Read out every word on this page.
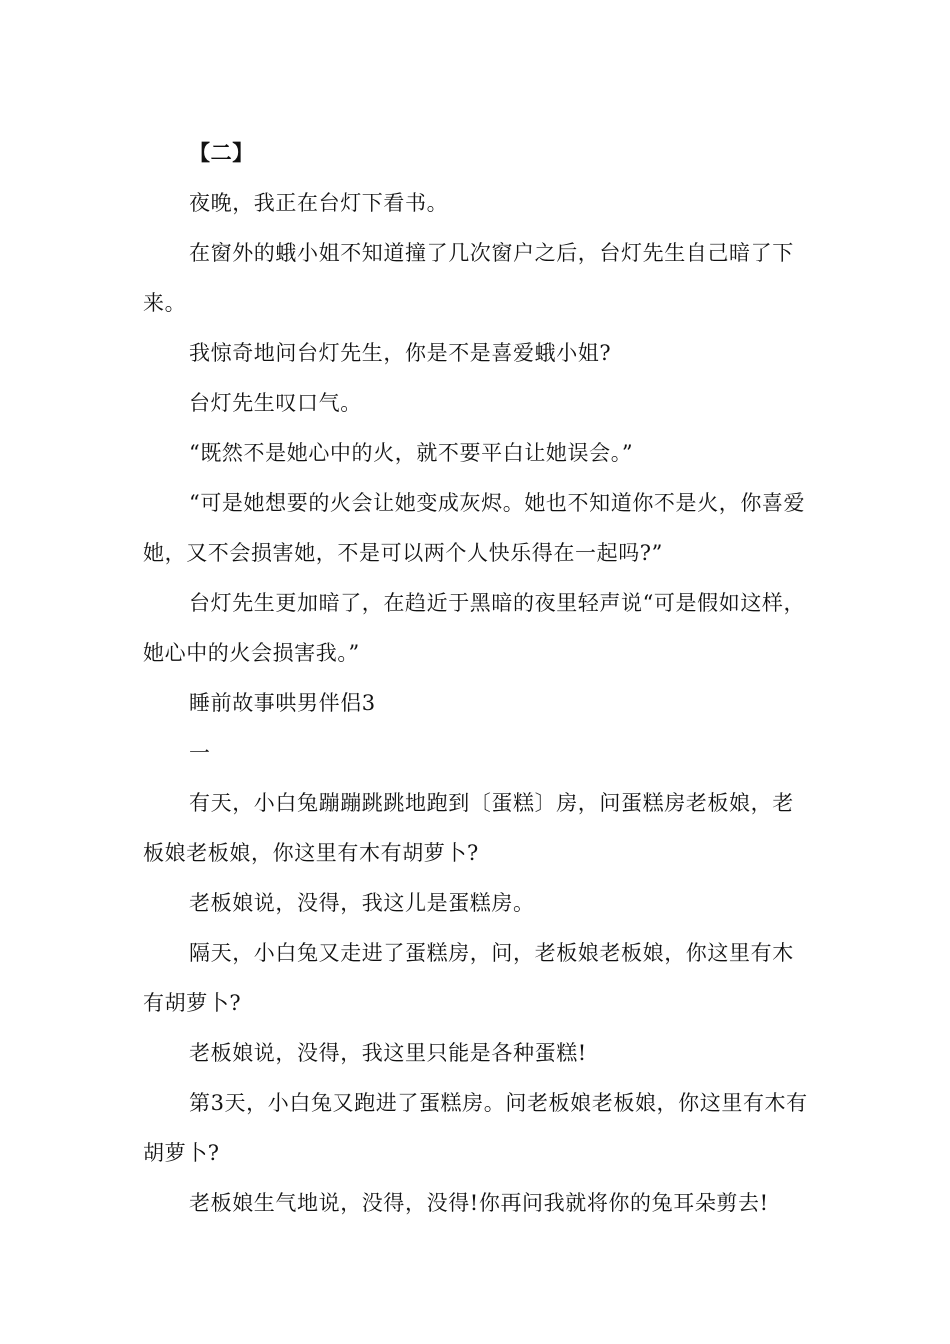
【二】

夜晚，我正在台灯下看书。

在窗外的蛾小姐不知道撞了几次窗户之后，台灯先生自己暗了下来。

我惊奇地问台灯先生，你是不是喜爱蛾小姐?

台灯先生叹口气。

“既然不是她心中的火，就不要平白让她误会。”

“可是她想要的火会让她变成灰烬。她也不知道你不是火，你喜爱她，又不会损害她，不是可以两个人快乐得在一起吗?”

台灯先生更加暗了，在趋近于黑暗的夜里轻声说“可是假如这样，她心中的火会损害我。”

睡前故事哄男伴侣3

一

有天，小白兔蹦蹦跳跳地跑到〔蛋糕〕房，问蛋糕房老板娘，老板娘老板娘，你这里有木有胡萝卜?

老板娘说，没得，我这儿是蛋糕房。

隔天，小白兔又走进了蛋糕房，问，老板娘老板娘，你这里有木有胡萝卜?

老板娘说，没得，我这里只能是各种蛋糕!

第3天，小白兔又跑进了蛋糕房。问老板娘老板娘，你这里有木有胡萝卜?

老板娘生气地说，没得，没得!你再问我就将你的兔耳朵剪去!
